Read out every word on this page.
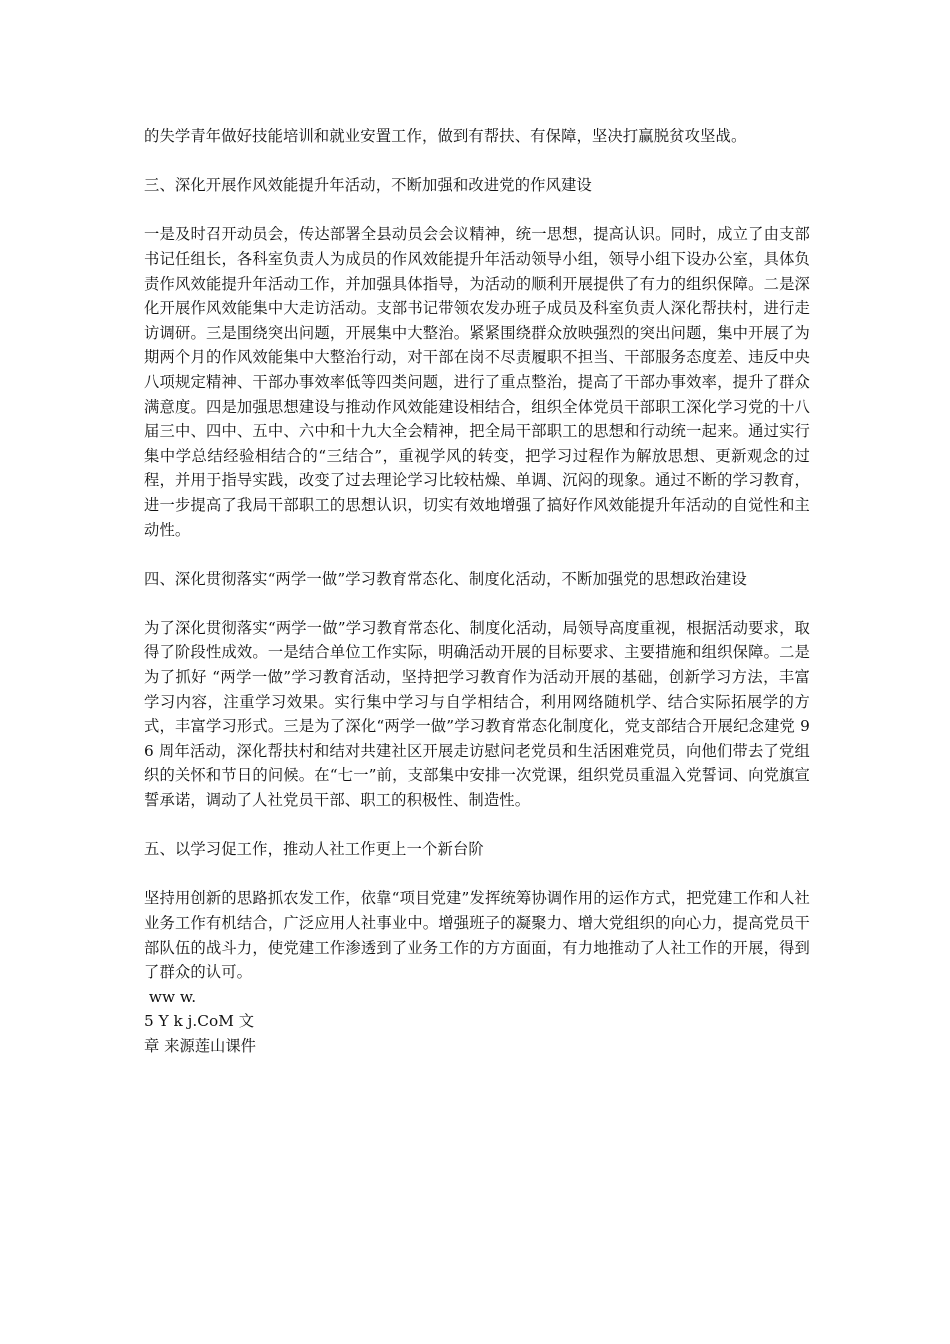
的失学青年做好技能培训和就业安置工作，做到有帮扶、有保障，坚决打赢脱贫攻坚战。

三、深化开展作风效能提升年活动，不断加强和改进党的作风建设

一是及时召开动员会，传达部署全县动员会会议精神，统一思想，提高认识。同时，成立了由支部书记任组长，各科室负责人为成员的作风效能提升年活动领导小组，领导小组下设办公室，具体负责作风效能提升年活动工作，并加强具体指导，为活动的顺利开展提供了有力的组织保障。二是深化开展作风效能集中大走访活动。支部书记带领农发办班子成员及科室负责人深化帮扶村，进行走访调研。三是围绕突出问题，开展集中大整治。紧紧围绕群众放映强烈的突出问题，集中开展了为期两个月的作风效能集中大整治行动，对干部在岗不尽责履职不担当、干部服务态度差、违反中央八项规定精神、干部办事效率低等四类问题，进行了重点整治，提高了干部办事效率，提升了群众满意度。四是加强思想建设与推动作风效能建设相结合，组织全体党员干部职工深化学习党的十八届三中、四中、五中、六中和十九大全会精神，把全局干部职工的思想和行动统一起来。通过实行集中学总结经验相结合的“三结合”，重视学风的转变，把学习过程作为解放思想、更新观念的过程，并用于指导实践，改变了过去理论学习比较枯燥、单调、沉闷的现象。通过不断的学习教育，进一步提高了我局干部职工的思想认识，切实有效地增强了搞好作风效能提升年活动的自觉性和主动性。

四、深化贯彻落实“两学一做”学习教育常态化、制度化活动，不断加强党的思想政治建设

为了深化贯彻落实“两学一做”学习教育常态化、制度化活动，局领导高度重视，根据活动要求，取得了阶段性成效。一是结合单位工作实际，明确活动开展的目标要求、主要措施和组织保障。二是为了抓好 “两学一做”学习教育活动，坚持把学习教育作为活动开展的基础，创新学习方法，丰富学习内容，注重学习效果。实行集中学习与自学相结合，利用网络随机学、结合实际拓展学的方式，丰富学习形式。三是为了深化“两学一做”学习教育常态化制度化，党支部结合开展纪念建党 96 周年活动，深化帮扶村和结对共建社区开展走访慰问老党员和生活困难党员，向他们带去了党组织的关怀和节日的问候。在“七一”前，支部集中安排一次党课，组织党员重温入党誓词、向党旗宣誓承诺，调动了人社党员干部、职工的积极性、制造性。

五、以学习促工作，推动人社工作更上一个新台阶

坚持用创新的思路抓农发工作，依靠“项目党建”发挥统筹协调作用的运作方式，把党建工作和人社业务工作有机结合，广泛应用人社事业中。增强班子的凝聚力、增大党组织的向心力，提高党员干部队伍的战斗力，使党建工作渗透到了业务工作的方方面面，有力地推动了人社工作的开展，得到了群众的认可。

ww w.

5 Y k j.CoM 文

章 来源莲山课件
